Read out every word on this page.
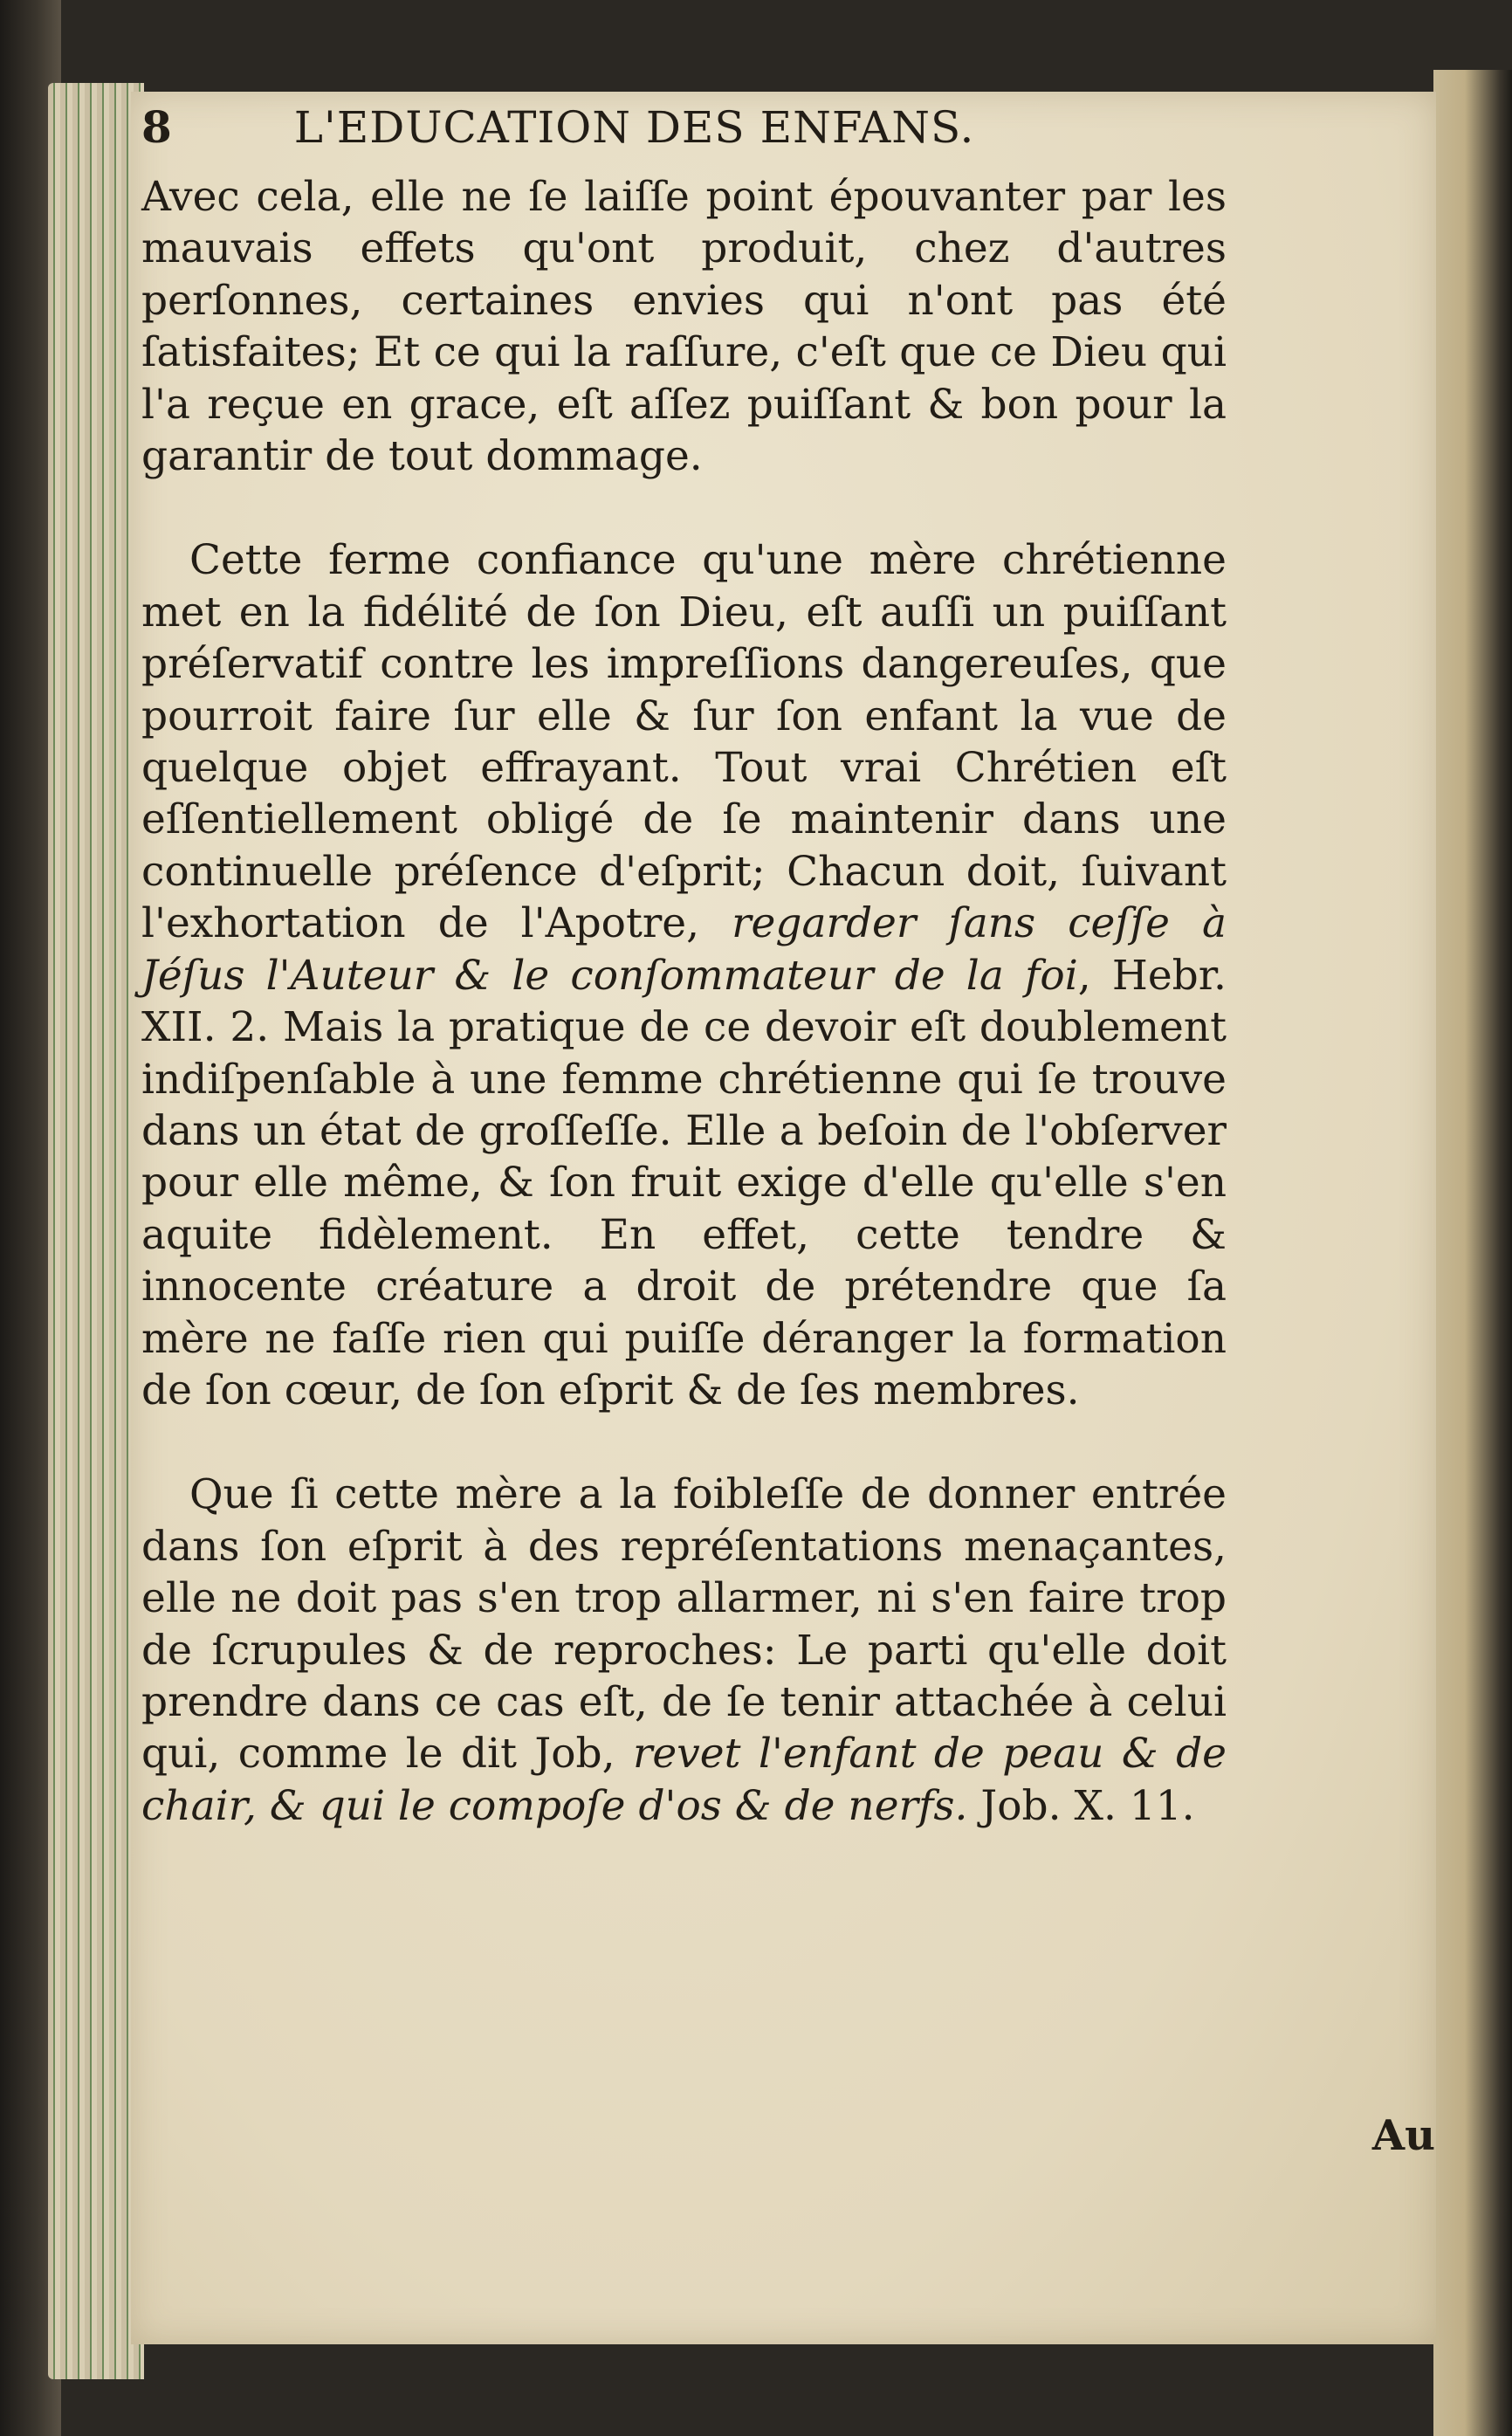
8	L'EDUCATION DES ENFANS.

Avec cela, elle ne ſe laiſſe point épouvanter par les mauvais effets qu'ont produit, chez d'autres perſonnes, certaines envies qui n'ont pas été ſatisfaites; Et ce qui la raſſure, c'eſt que ce Dieu qui l'a reçue en grace, eſt aſſez puiſſant & bon pour la garantir de tout dommage.

Cette ferme confiance qu'une mère chrétienne met en la fidélité de ſon Dieu, eſt auſſi un puiſſant préſervatif contre les impreſſions dangereuſes, que pourroit faire ſur elle & ſur ſon enfant la vue de quelque objet effrayant. Tout vrai Chrétien eſt eſſentiellement obligé de ſe maintenir dans une continuelle préſence d'eſprit; Chacun doit, ſuivant l'exhortation de l'Apotre, regarder ſans ceſſe à Jéſus l'Auteur & le conſommateur de la foi, Hebr. XII. 2. Mais la pratique de ce devoir eſt doublement indiſpenſable à une femme chrétienne qui ſe trouve dans un état de groſſeſſe. Elle a beſoin de l'obſerver pour elle même, & ſon fruit exige d'elle qu'elle s'en aquite fidèlement. En effet, cette tendre & innocente créature a droit de prétendre que ſa mère ne faſſe rien qui puiſſe déranger la formation de ſon cœur, de ſon eſprit & de ſes membres.

Que ſi cette mère a la foibleſſe de donner entrée dans ſon eſprit à des repréſentations menaçantes, elle ne doit pas s'en trop allarmer, ni s'en faire trop de ſcrupules & de reproches: Le parti qu'elle doit prendre dans ce cas eſt, de ſe tenir attachée à celui qui, comme le dit Job, revet l'enfant de peau & de chair, & qui le compoſe d'os & de nerfs. Job. X. 11.

Au
